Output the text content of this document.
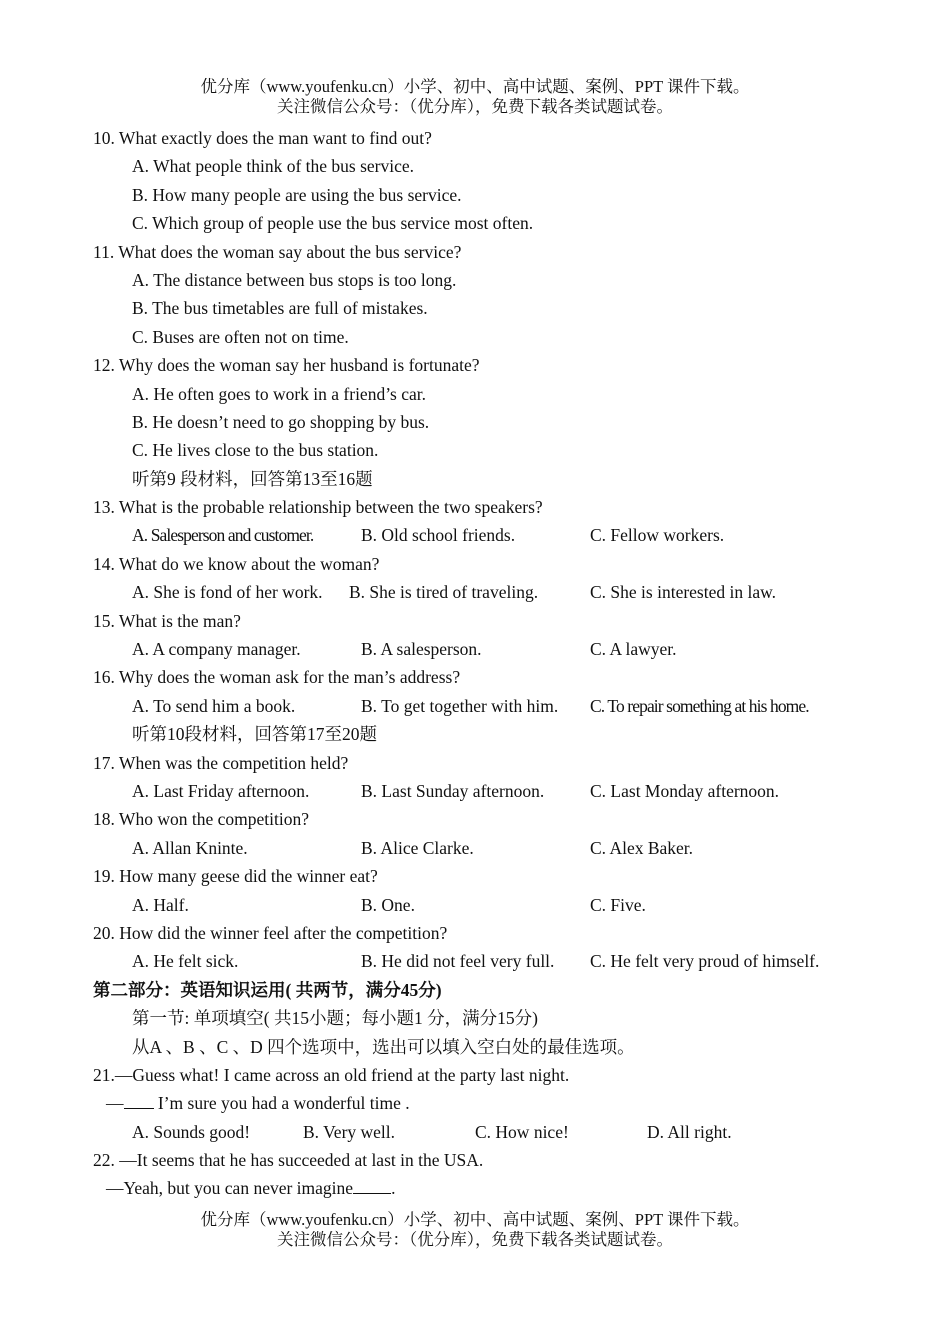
优分库（www.youfenku.cn）小学、初中、高中试题、案例、PPT 课件下载。
关注微信公众号：（优分库），免费下载各类试题试卷。
10. What exactly does the man want to find out?
A. What people think of the bus service.
B. How many people are using the bus service.
C. Which group of people use the bus service most often.
11. What does the woman say about the bus service?
A. The distance between bus stops is too long.
B. The bus timetables are full of mistakes.
C. Buses are often not on time.
12. Why does the woman say her husband is fortunate?
A. He often goes to work in a friend’s car.
B. He doesn’t need to go shopping by bus.
C. He lives close to the bus station.
听第9 段材料，回答第13至16题
13. What is the probable relationship between the two speakers?
A. Salesperson and customer.	B. Old school friends.	C. Fellow workers.
14. What do we know about the woman?
A. She is fond of her work. B. She is tired of traveling.	C. She is interested in law.
15. What is the man?
A. A company manager.	B. A salesperson.	C. A lawyer.
16. Why does the woman ask for the man’s address?
A. To send him a book.	B. To get together with him. C. To repair something at his home.
听第10段材料，回答第17至20题
17. When was the competition held?
A. Last Friday afternoon.	B. Last Sunday afternoon.	C. Last Monday afternoon.
18. Who won the competition?
A. Allan Kninte.	B. Alice Clarke.	C. Alex Baker.
19. How many geese did the winner eat?
A. Half.	B. One.	C. Five.
20. How did the winner feel after the competition?
A. He felt sick.	B. He did not feel very full. C. He felt very proud of himself.
第二部分：英语知识运用( 共两节，满分45分)
第一节: 单项填空( 共15小题；每小题1 分，满分15分)
从A 、B 、C 、D 四个选项中，选出可以填入空白处的最佳选项。
21.—Guess what! I came across an old friend at the party last night.
— I’m sure you had a wonderful time .
A. Sounds good!	B. Very well.	C. How nice!	D. All right.
22. —It seems that he has succeeded at last in the USA.
—Yeah, but you can never imagine .
优分库（www.youfenku.cn）小学、初中、高中试题、案例、PPT 课件下载。
关注微信公众号：（优分库），免费下载各类试题试卷。
